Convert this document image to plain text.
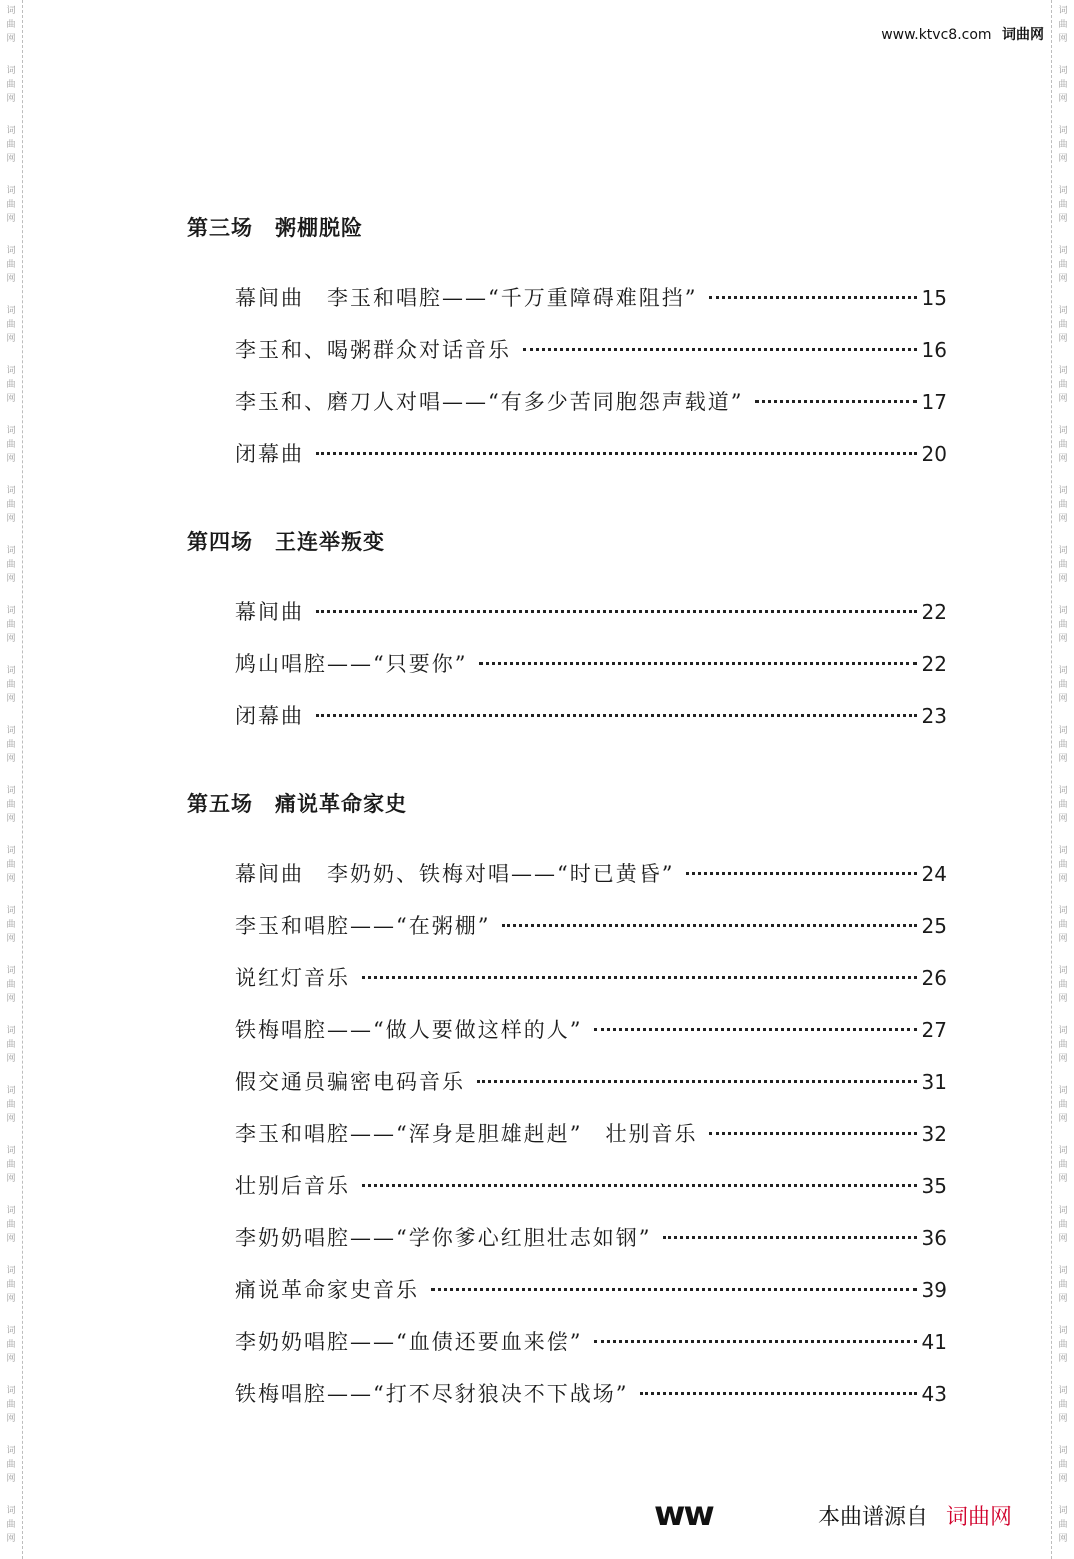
词曲网
词曲网
词曲网
词曲网
词曲网
词曲网
词曲网
词曲网
词曲网
词曲网
词曲网
词曲网
词曲网
词曲网
词曲网
词曲网
词曲网
词曲网
词曲网
词曲网
词曲网
词曲网
词曲网
词曲网
词曲网
词曲网
词曲网
词曲网
词曲网
词曲网
词曲网
词曲网
词曲网
词曲网
词曲网
词曲网
词曲网
词曲网
词曲网
词曲网
词曲网
词曲网
词曲网
词曲网
词曲网
词曲网
词曲网
词曲网
词曲网
词曲网
词曲网
词曲网
www.ktvc8.com 词曲网
第三场 粥棚脱险
幕间曲　李玉和唱腔——“千万重障碍难阻挡”	15
李玉和、喝粥群众对话音乐	16
李玉和、磨刀人对唱——“有多少苦同胞怨声载道”	17
闭幕曲	20
第四场 王连举叛变
幕间曲	22
鸠山唱腔——“只要你”	22
闭幕曲	23
第五场 痛说革命家史
幕间曲　李奶奶、铁梅对唱——“时已黄昏”	24
李玉和唱腔——“在粥棚”	25
说红灯音乐	26
铁梅唱腔——“做人要做这样的人”	27
假交通员骗密电码音乐	31
李玉和唱腔——“浑身是胆雄赳赳”　壮别音乐	32
壮别后音乐	35
李奶奶唱腔——“学你爹心红胆壮志如钢”	36
痛说革命家史音乐	39
李奶奶唱腔——“血债还要血来偿”	41
铁梅唱腔——“打不尽豺狼决不下战场”	43
ww	本曲谱源自 词曲网
